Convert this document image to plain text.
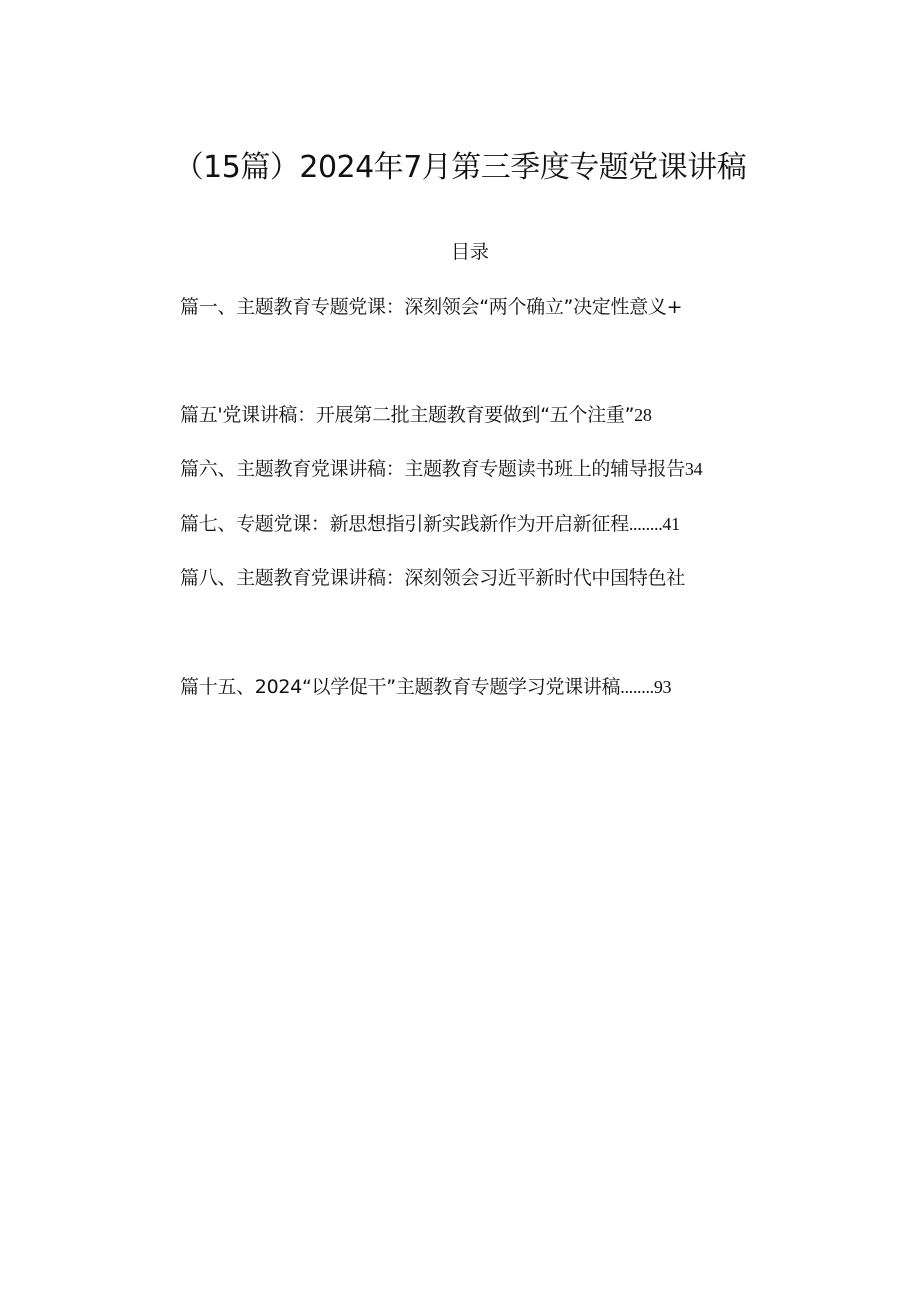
（15篇）2024年7月第三季度专题党课讲稿
目录
篇一、主题教育专题党课：深刻领会“两个确立”决定性意义+
篇五'党课讲稿：开展第二批主题教育要做到“五个注重”28
篇六、主题教育党课讲稿：主题教育专题读书班上的辅导报告34
篇七、专题党课：新思想指引新实践新作为开启新征程........41
篇八、主题教育党课讲稿：深刻领会习近平新时代中国特色社
篇十五、2024“以学促干”主题教育专题学习党课讲稿........93
